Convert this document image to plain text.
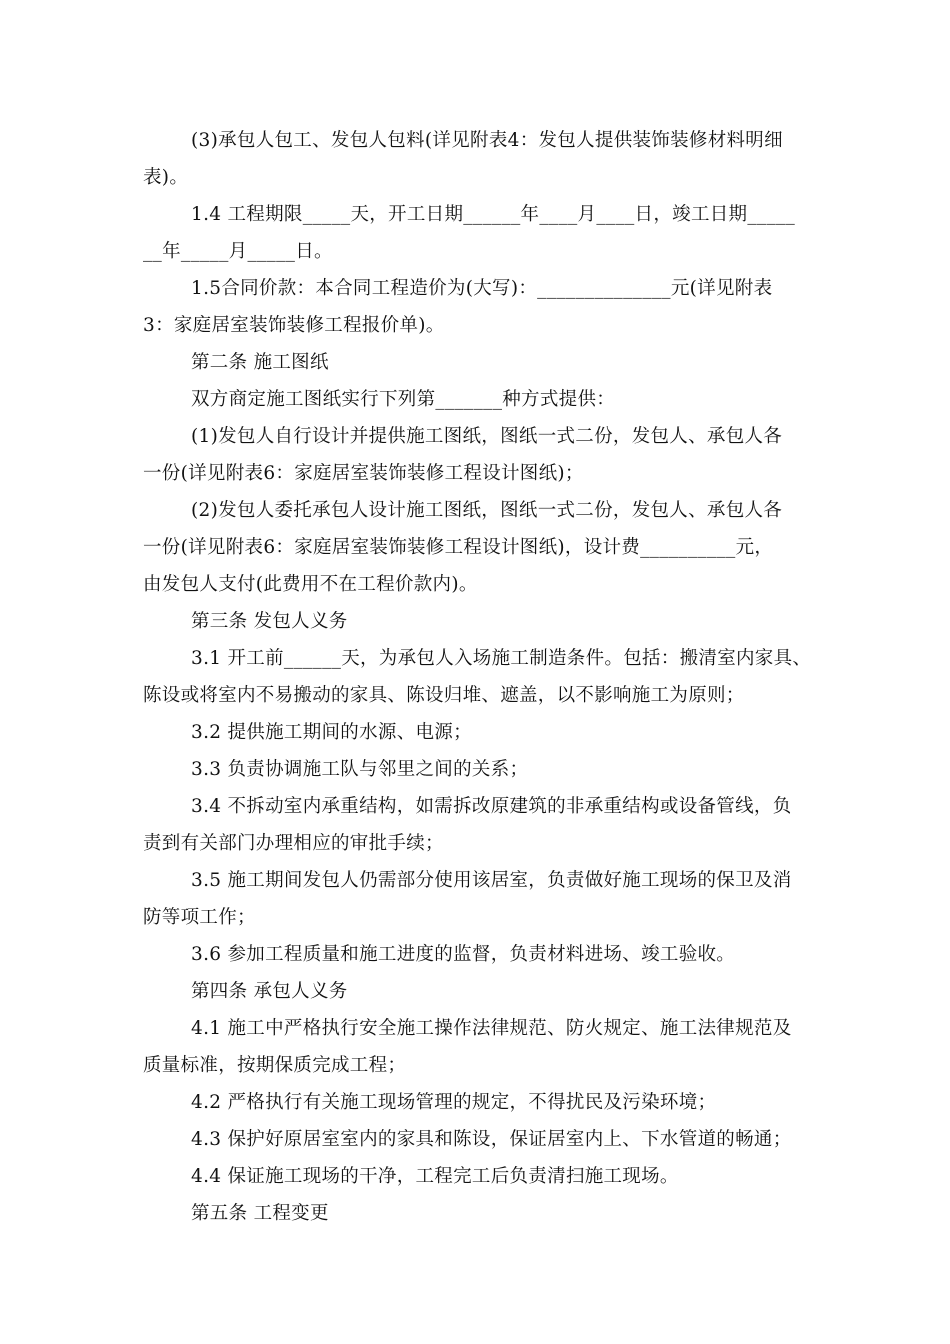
(3)承包人包工、发包人包料(详见附表4：发包人提供装饰装修材料明细
表)。
1.4 工程期限_____天，开工日期______年____月____日，竣工日期_____
__年_____月_____日。
1.5合同价款：本合同工程造价为(大写)：______________元(详见附表
3：家庭居室装饰装修工程报价单)。
第二条 施工图纸
双方商定施工图纸实行下列第_______种方式提供：
(1)发包人自行设计并提供施工图纸，图纸一式二份，发包人、承包人各
一份(详见附表6：家庭居室装饰装修工程设计图纸)；
(2)发包人委托承包人设计施工图纸，图纸一式二份，发包人、承包人各
一份(详见附表6：家庭居室装饰装修工程设计图纸)，设计费__________元，
由发包人支付(此费用不在工程价款内)。
第三条 发包人义务
3.1 开工前______天，为承包人入场施工制造条件。包括：搬清室内家具、
陈设或将室内不易搬动的家具、陈设归堆、遮盖，以不影响施工为原则；
3.2 提供施工期间的水源、电源；
3.3 负责协调施工队与邻里之间的关系；
3.4 不拆动室内承重结构，如需拆改原建筑的非承重结构或设备管线，负
责到有关部门办理相应的审批手续；
3.5 施工期间发包人仍需部分使用该居室，负责做好施工现场的保卫及消
防等项工作；
3.6 参加工程质量和施工进度的监督，负责材料进场、竣工验收。
第四条 承包人义务
4.1 施工中严格执行安全施工操作法律规范、防火规定、施工法律规范及
质量标准，按期保质完成工程；
4.2 严格执行有关施工现场管理的规定，不得扰民及污染环境；
4.3 保护好原居室室内的家具和陈设，保证居室内上、下水管道的畅通；
4.4 保证施工现场的干净，工程完工后负责清扫施工现场。
第五条 工程变更
